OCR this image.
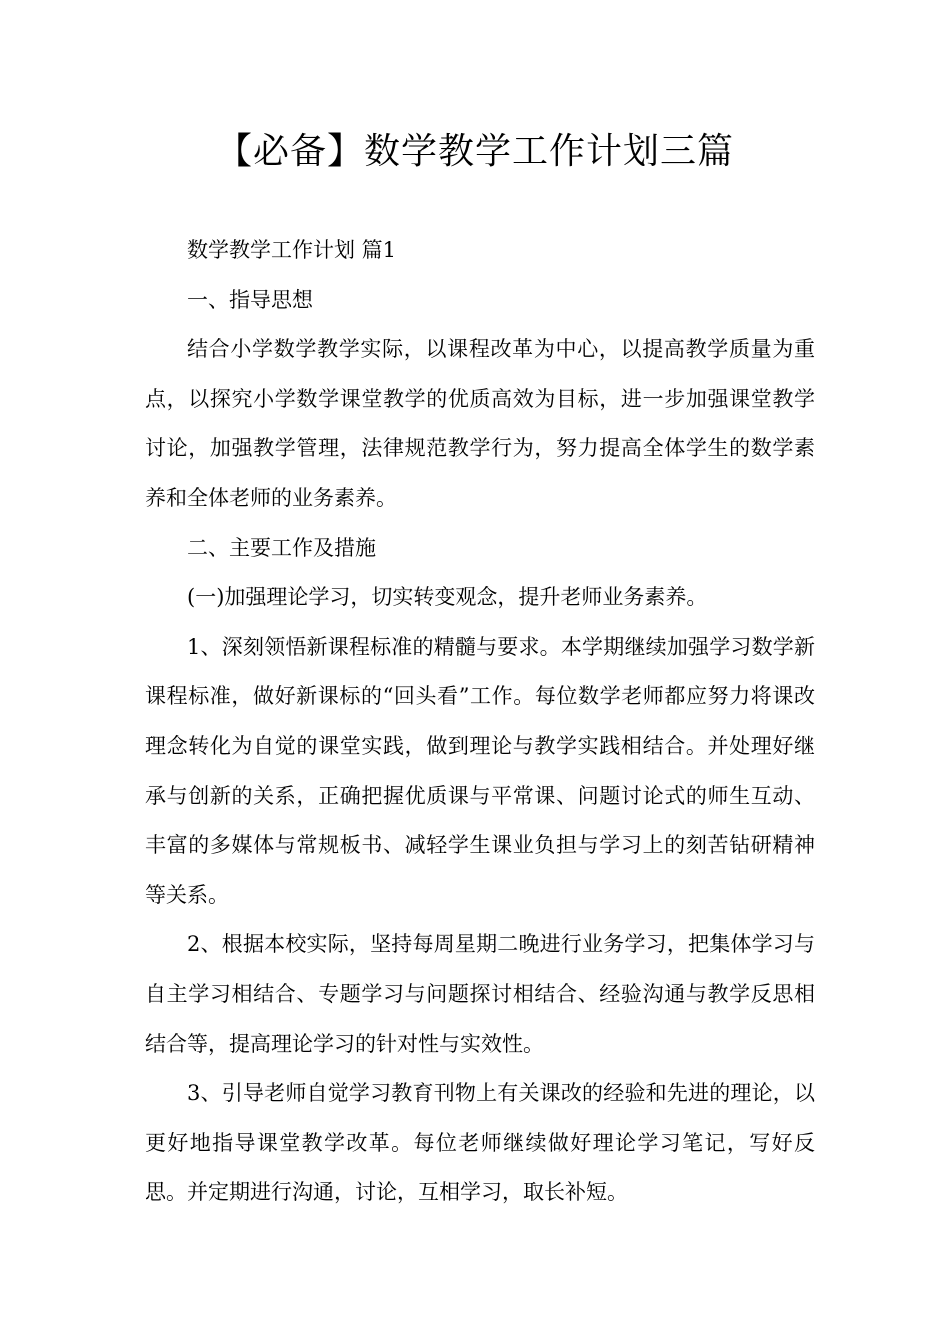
【必备】数学教学工作计划三篇

数学教学工作计划 篇1

一、指导思想

结合小学数学教学实际，以课程改革为中心，以提高教学质量为重点，以探究小学数学课堂教学的优质高效为目标，进一步加强课堂教学讨论，加强教学管理，法律规范教学行为，努力提高全体学生的数学素养和全体老师的业务素养。

二、主要工作及措施

(一)加强理论学习，切实转变观念，提升老师业务素养。

1、深刻领悟新课程标准的精髓与要求。本学期继续加强学习数学新课程标准，做好新课标的“回头看”工作。每位数学老师都应努力将课改理念转化为自觉的课堂实践，做到理论与教学实践相结合。并处理好继承与创新的关系，正确把握优质课与平常课、问题讨论式的师生互动、丰富的多媒体与常规板书、减轻学生课业负担与学习上的刻苦钻研精神等关系。

2、根据本校实际，坚持每周星期二晚进行业务学习，把集体学习与自主学习相结合、专题学习与问题探讨相结合、经验沟通与教学反思相结合等，提高理论学习的针对性与实效性。

3、引导老师自觉学习教育刊物上有关课改的经验和先进的理论，以更好地指导课堂教学改革。每位老师继续做好理论学习笔记，写好反思。并定期进行沟通，讨论，互相学习，取长补短。
